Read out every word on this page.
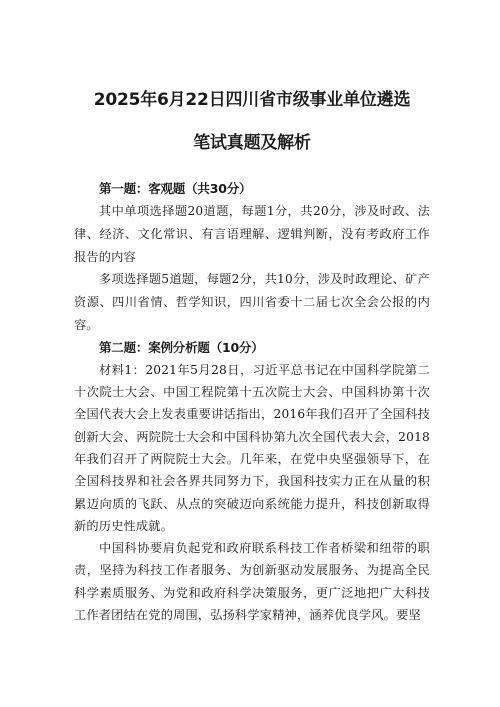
2025年6月22日四川省市级事业单位遴选
笔试真题及解析
第一题：客观题（共30分）

其中单项选择题20道题，每题1分，共20分，涉及时政、法律、经济、文化常识、有言语理解、逻辑判断，没有考政府工作报告的内容

多项选择题5道题，每题2分，共10分，涉及时政理论、矿产资源、四川省情、哲学知识，四川省委十二届七次全会公报的内容。

第二题：案例分析题（10分）

材料1：2021年5月28日，习近平总书记在中国科学院第二十次院士大会、中国工程院第十五次院士大会、中国科协第十次全国代表大会上发表重要讲话指出，2016年我们召开了全国科技创新大会、两院院士大会和中国科协第九次全国代表大会，2018年我们召开了两院院士大会。几年来，在党中央坚强领导下，在全国科技界和社会各界共同努力下，我国科技实力正在从量的积累迈向质的飞跃、从点的突破迈向系统能力提升，科技创新取得新的历史性成就。

中国科协要肩负起党和政府联系科技工作者桥梁和纽带的职责，坚持为科技工作者服务、为创新驱动发展服务、为提高全民科学素质服务、为党和政府科学决策服务，更广泛地把广大科技工作者团结在党的周围，弘扬科学家精神，涵养优良学风。要坚
